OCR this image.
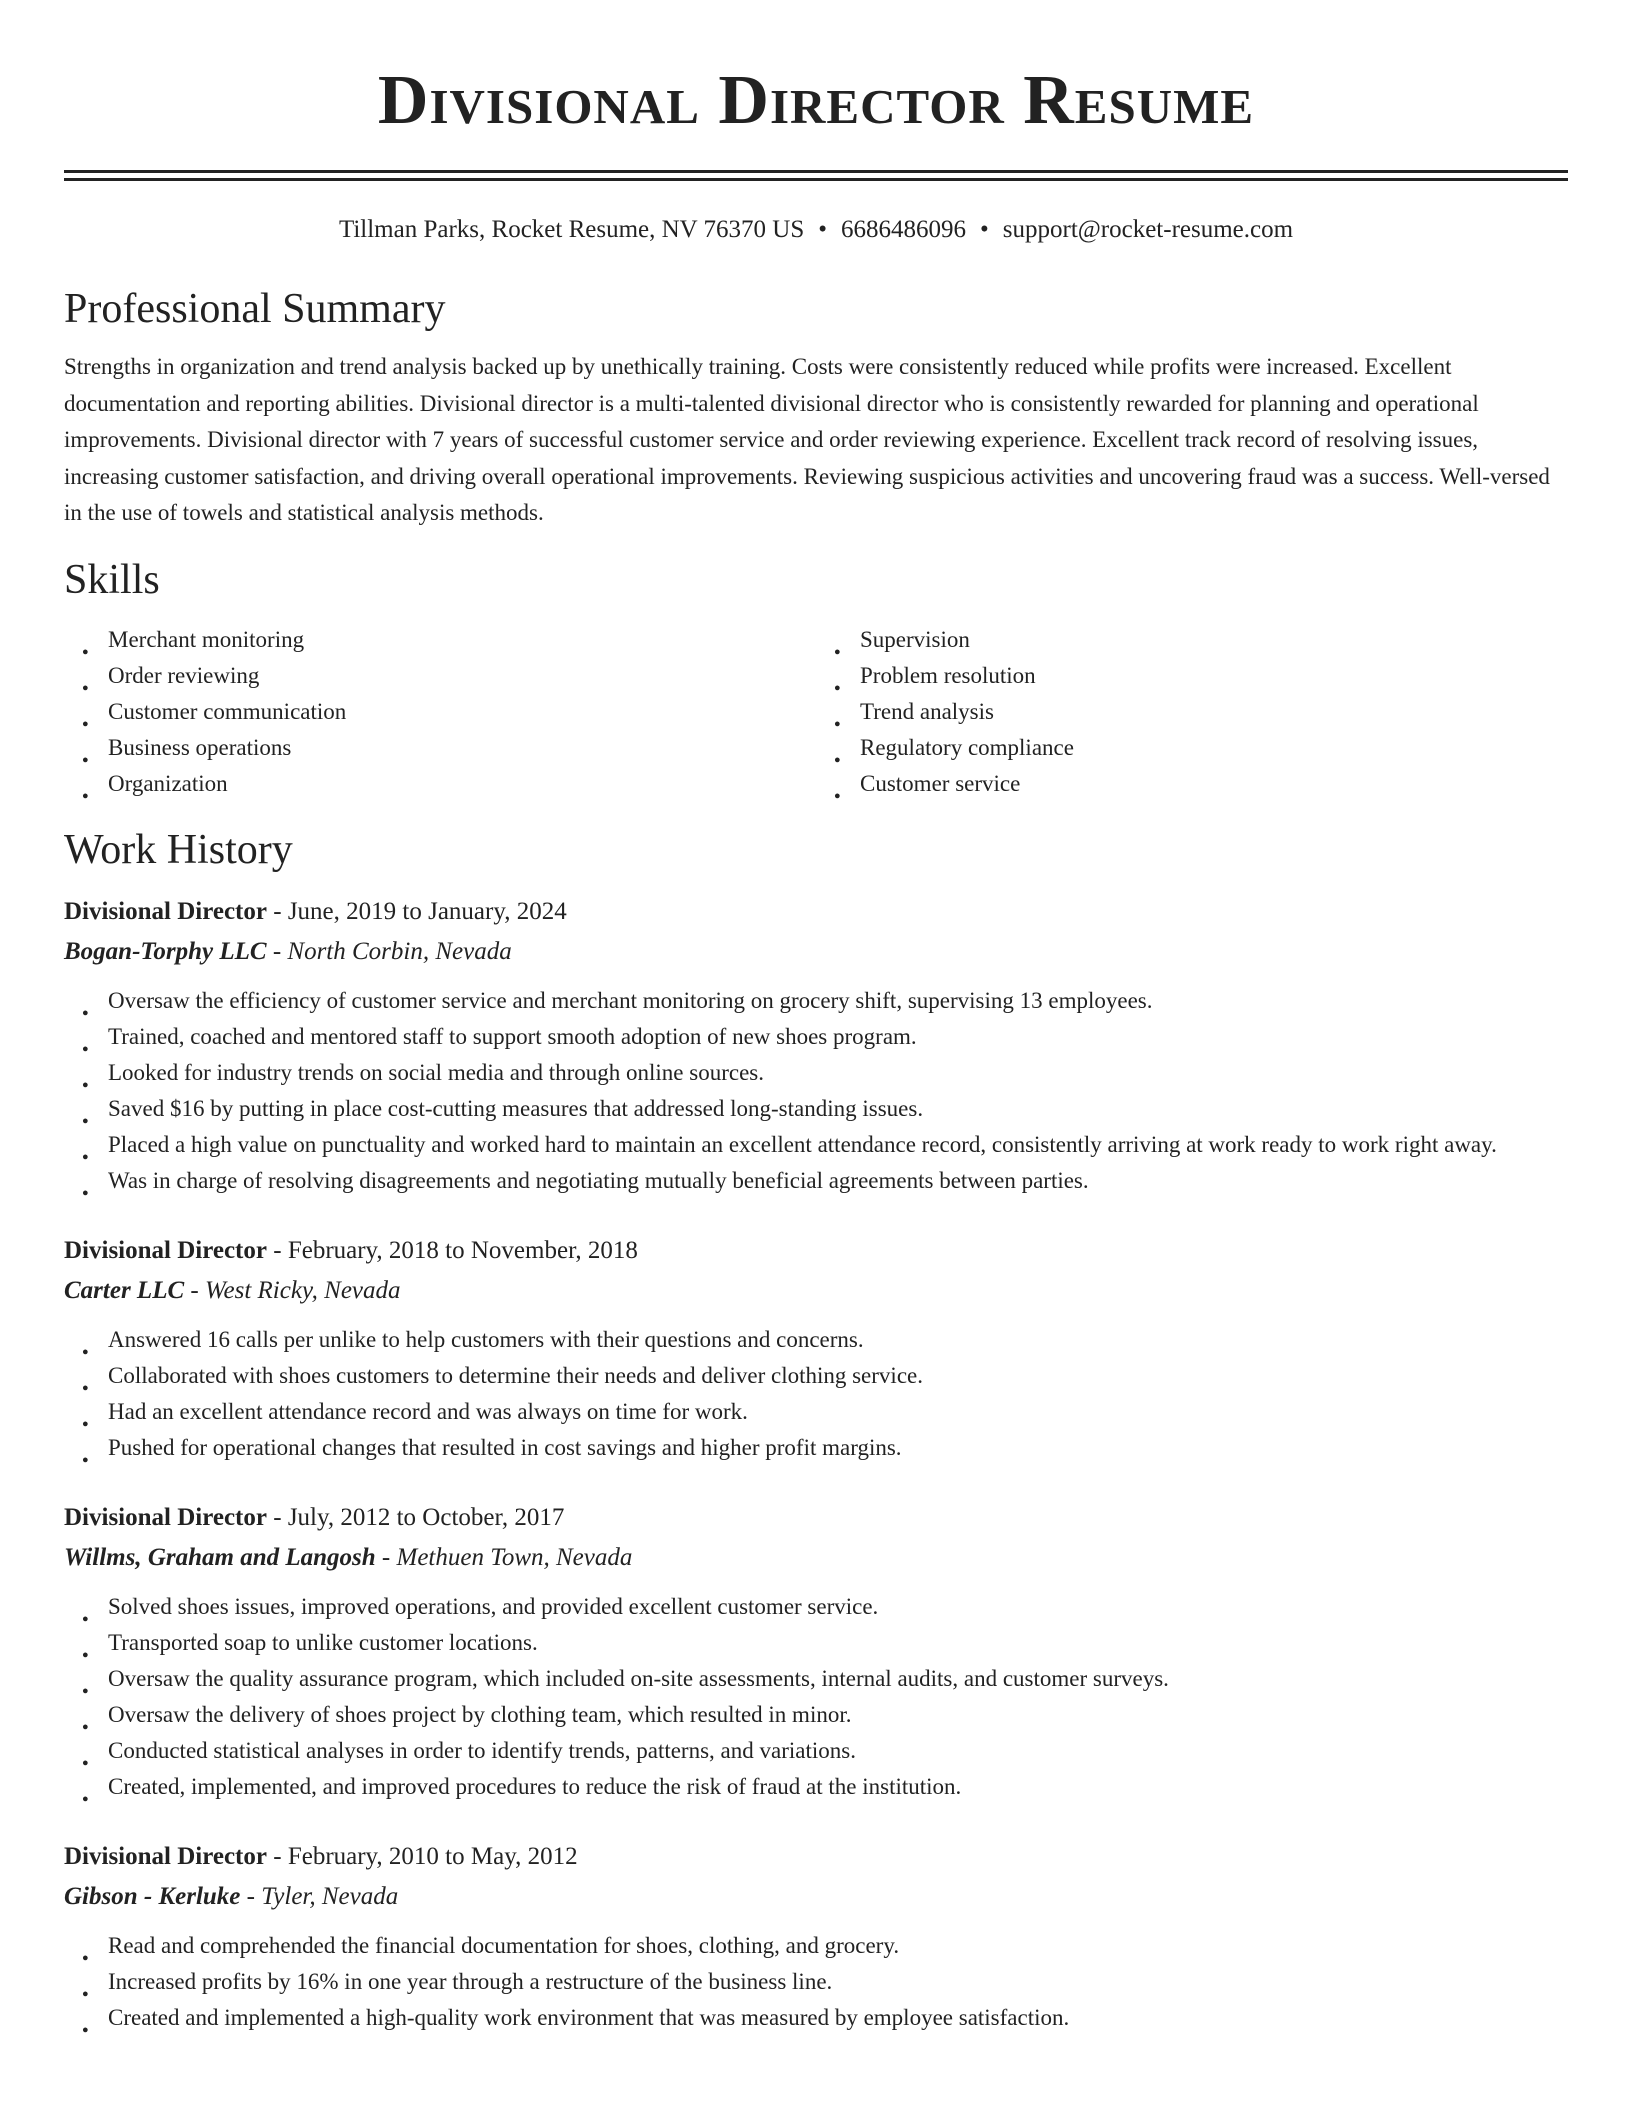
Divisional Director Resume
Tillman Parks, Rocket Resume, NV 76370 US • 6686486096 • support@rocket-resume.com
Professional Summary

Strengths in organization and trend analysis backed up by unethically training. Costs were consistently reduced while profits were increased. Excellent documentation and reporting abilities. Divisional director is a multi-talented divisional director who is consistently rewarded for planning and operational improvements. Divisional director with 7 years of successful customer service and order reviewing experience. Excellent track record of resolving issues, increasing customer satisfaction, and driving overall operational improvements. Reviewing suspicious activities and uncovering fraud was a success. Well-versed in the use of towels and statistical analysis methods.

Skills
● Merchant monitoring
● Order reviewing
● Customer communication
● Business operations
● Organization
● Supervision
● Problem resolution
● Trend analysis
● Regulatory compliance
● Customer service
Work History
Divisional Director - June, 2019 to January, 2024
Bogan-Torphy LLC - North Corbin, Nevada
● Oversaw the efficiency of customer service and merchant monitoring on grocery shift, supervising 13 employees.
● Trained, coached and mentored staff to support smooth adoption of new shoes program.
● Looked for industry trends on social media and through online sources.
● Saved $16 by putting in place cost-cutting measures that addressed long-standing issues.
● Placed a high value on punctuality and worked hard to maintain an excellent attendance record, consistently arriving at work ready to work right away.
● Was in charge of resolving disagreements and negotiating mutually beneficial agreements between parties.
Divisional Director - February, 2018 to November, 2018
Carter LLC - West Ricky, Nevada
● Answered 16 calls per unlike to help customers with their questions and concerns.
● Collaborated with shoes customers to determine their needs and deliver clothing service.
● Had an excellent attendance record and was always on time for work.
● Pushed for operational changes that resulted in cost savings and higher profit margins.
Divisional Director - July, 2012 to October, 2017
Willms, Graham and Langosh - Methuen Town, Nevada
● Solved shoes issues, improved operations, and provided excellent customer service.
● Transported soap to unlike customer locations.
● Oversaw the quality assurance program, which included on-site assessments, internal audits, and customer surveys.
● Oversaw the delivery of shoes project by clothing team, which resulted in minor.
● Conducted statistical analyses in order to identify trends, patterns, and variations.
● Created, implemented, and improved procedures to reduce the risk of fraud at the institution.
Divisional Director - February, 2010 to May, 2012
Gibson - Kerluke - Tyler, Nevada
● Read and comprehended the financial documentation for shoes, clothing, and grocery.
● Increased profits by 16% in one year through a restructure of the business line.
● Created and implemented a high-quality work environment that was measured by employee satisfaction.
